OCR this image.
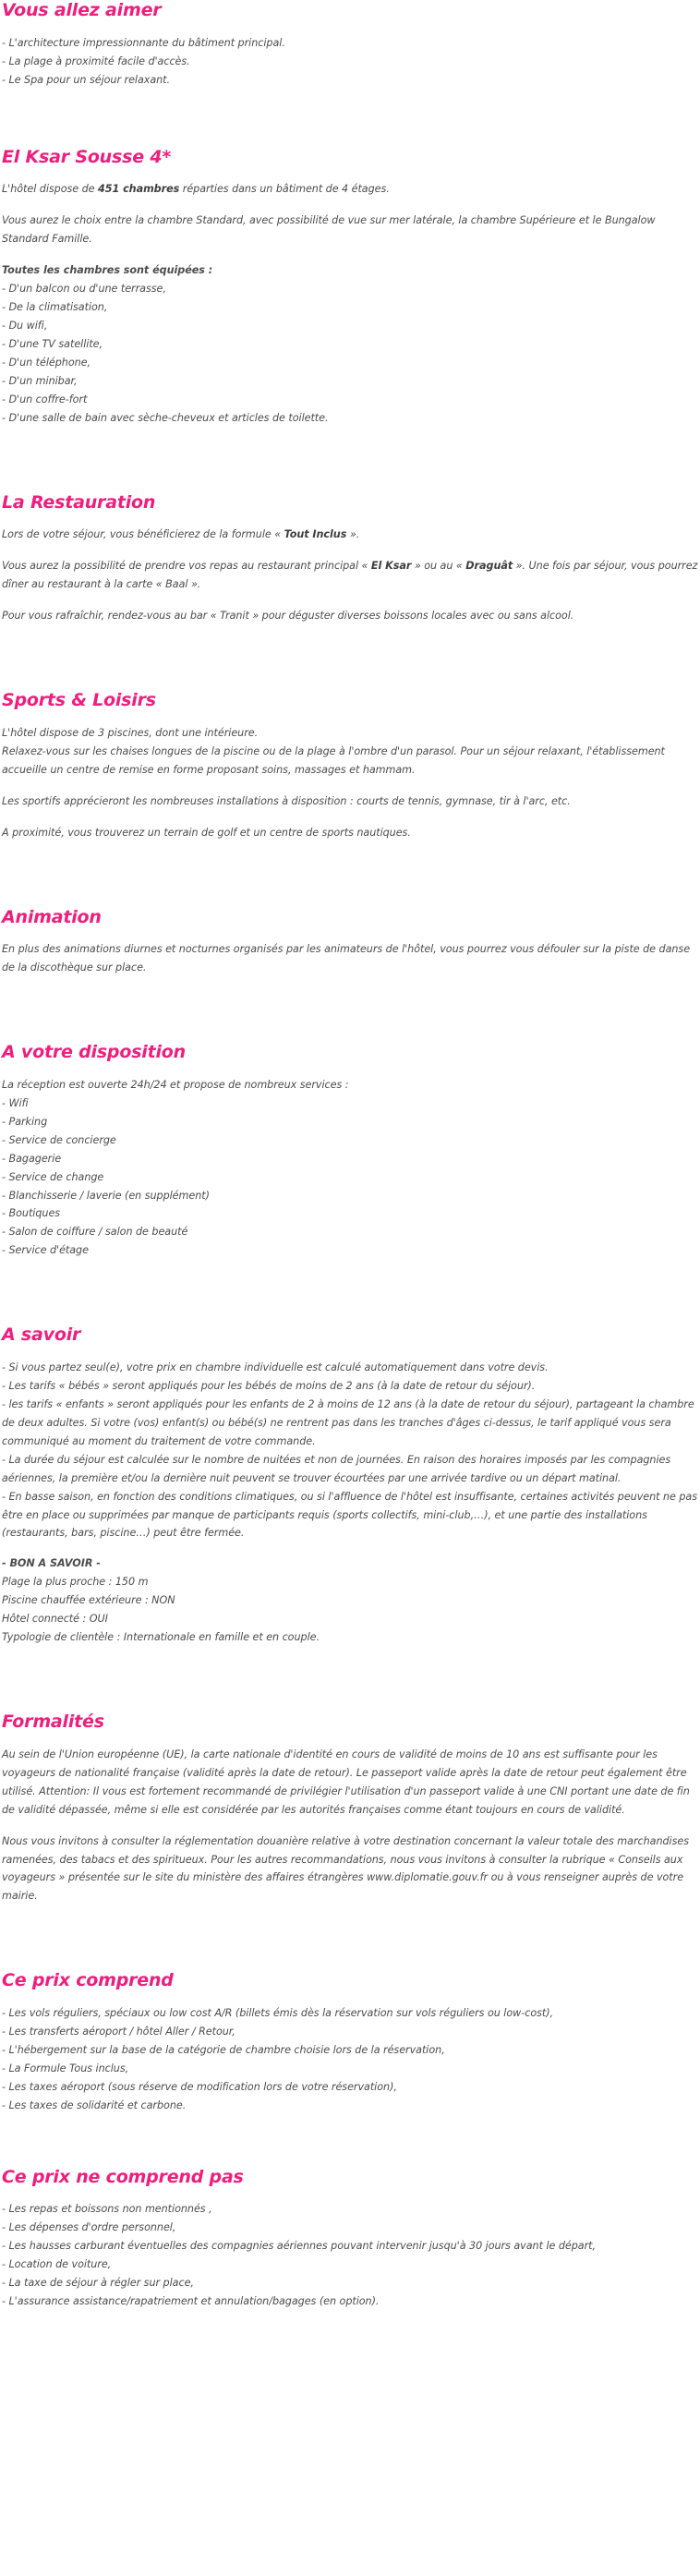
Vous allez aimer
- L'architecture impressionnante du bâtiment principal.
- La plage à proximité facile d'accès.
- Le Spa pour un séjour relaxant.
El Ksar Sousse 4*

L'hôtel dispose de 451 chambres réparties dans un bâtiment de 4 étages.

Vous aurez le choix entre la chambre Standard, avec possibilité de vue sur mer latérale, la chambre Supérieure et le Bungalow Standard Famille.

Toutes les chambres sont équipées :

- D'un balcon ou d'une terrasse,
- De la climatisation,
- Du wifi,
- D'une TV satellite,
- D'un téléphone,
- D'un minibar,
- D'un coffre-fort
- D'une salle de bain avec sèche-cheveux et articles de toilette.
La Restauration

Lors de votre séjour, vous bénéficierez de la formule « Tout Inclus ».

Vous aurez la possibilité de prendre vos repas au restaurant principal « El Ksar » ou au « Draguât ». Une fois par séjour, vous pourrez dîner au restaurant à la carte « Baal ».

Pour vous rafraîchir, rendez-vous au bar « Tranit » pour déguster diverses boissons locales avec ou sans alcool.

Sports & Loisirs

L'hôtel dispose de 3 piscines, dont une intérieure.

Relaxez-vous sur les chaises longues de la piscine ou de la plage à l'ombre d'un parasol. Pour un séjour relaxant, l'établissement accueille un centre de remise en forme proposant soins, massages et hammam.

Les sportifs apprécieront les nombreuses installations à disposition : courts de tennis, gymnase, tir à l'arc, etc.

A proximité, vous trouverez un terrain de golf et un centre de sports nautiques.

Animation

En plus des animations diurnes et nocturnes organisés par les animateurs de l'hôtel, vous pourrez vous défouler sur la piste de danse de la discothèque sur place.

A votre disposition

La réception est ouverte 24h/24 et propose de nombreux services :

- Wifi
- Parking
- Service de concierge
- Bagagerie
- Service de change
- Blanchisserie / laverie (en supplément)
- Boutiques
- Salon de coiffure / salon de beauté
- Service d'étage
A savoir
- Si vous partez seul(e), votre prix en chambre individuelle est calculé automatiquement dans votre devis.
- Les tarifs « bébés » seront appliqués pour les bébés de moins de 2 ans (à la date de retour du séjour).
- les tarifs « enfants » seront appliqués pour les enfants de 2 à moins de 12 ans (à la date de retour du séjour), partageant la chambre de deux adultes. Si votre (vos) enfant(s) ou bébé(s) ne rentrent pas dans les tranches d'âges ci-dessus, le tarif appliqué vous sera communiqué au moment du traitement de votre commande.
- La durée du séjour est calculée sur le nombre de nuitées et non de journées. En raison des horaires imposés par les compagnies aériennes, la première et/ou la dernière nuit peuvent se trouver écourtées par une arrivée tardive ou un départ matinal.
- En basse saison, en fonction des conditions climatiques, ou si l'affluence de l'hôtel est insuffisante, certaines activités peuvent ne pas être en place ou supprimées par manque de participants requis (sports collectifs, mini-club,…), et une partie des installations (restaurants, bars, piscine…) peut être fermée.

- BON A SAVOIR -

Plage la plus proche : 150 m
Piscine chauffée extérieure : NON
Hôtel connecté : OUI
Typologie de clientèle : Internationale en famille et en couple.
Formalités

Au sein de l'Union européenne (UE), la carte nationale d'identité en cours de validité de moins de 10 ans est suffisante pour les voyageurs de nationalité française (validité après la date de retour). Le passeport valide après la date de retour peut également être utilisé. Attention: Il vous est fortement recommandé de privilégier l'utilisation d'un passeport valide à une CNI portant une date de fin de validité dépassée, même si elle est considérée par les autorités françaises comme étant toujours en cours de validité.

Nous vous invitons à consulter la réglementation douanière relative à votre destination concernant la valeur totale des marchandises ramenées, des tabacs et des spiritueux. Pour les autres recommandations, nous vous invitons à consulter la rubrique « Conseils aux voyageurs » présentée sur le site du ministère des affaires étrangères www.diplomatie.gouv.fr ou à vous renseigner auprès de votre mairie.

Ce prix comprend
- Les vols réguliers, spéciaux ou low cost A/R (billets émis dès la réservation sur vols réguliers ou low-cost),
- Les transferts aéroport / hôtel Aller / Retour,
- L'hébergement sur la base de la catégorie de chambre choisie lors de la réservation,
- La Formule Tous inclus,
- Les taxes aéroport (sous réserve de modification lors de votre réservation),
- Les taxes de solidarité et carbone.
Ce prix ne comprend pas
- Les repas et boissons non mentionnés ,
- Les dépenses d'ordre personnel,
- Les hausses carburant éventuelles des compagnies aériennes pouvant intervenir jusqu'à 30 jours avant le départ,
- Location de voiture,
- La taxe de séjour à régler sur place,
- L'assurance assistance/rapatriement et annulation/bagages (en option).
